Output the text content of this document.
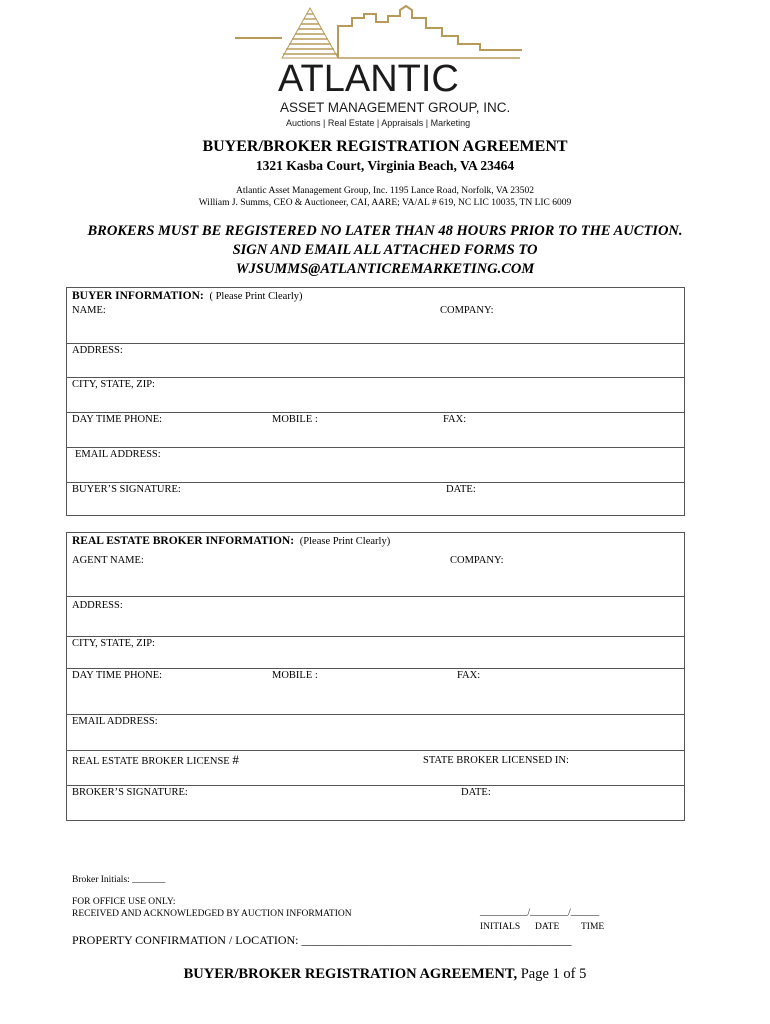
ATLANTIC
ASSET MANAGEMENT GROUP, INC.
Auctions | Real Estate | Appraisals | Marketing
BUYER/BROKER REGISTRATION AGREEMENT
1321 Kasba Court, Virginia Beach, VA 23464
Atlantic Asset Management Group, Inc. 1195 Lance Road, Norfolk, VA 23502
William J. Summs, CEO & Auctioneer, CAI, AARE; VA/AL # 619, NC LIC 10035, TN LIC 6009
BROKERS MUST BE REGISTERED NO LATER THAN 48 HOURS PRIOR TO THE AUCTION.
SIGN AND EMAIL ALL ATTACHED FORMS TO
WJSUMMS@ATLANTICREMARKETING.COM
BUYER INFORMATION: ( Please Print Clearly)
NAME:	COMPANY:
ADDRESS:
CITY, STATE, ZIP:
DAY TIME PHONE:	MOBILE :	FAX:
EMAIL ADDRESS:
BUYER’S SIGNATURE:	DATE:
REAL ESTATE BROKER INFORMATION: (Please Print Clearly)
AGENT NAME:	COMPANY:
ADDRESS:
CITY, STATE, ZIP:
DAY TIME PHONE:	MOBILE :	FAX:
EMAIL ADDRESS:
REAL ESTATE BROKER LICENSE #	STATE BROKER LICENSED IN:
BROKER’S SIGNATURE:	DATE:
Broker Initials: _______
FOR OFFICE USE ONLY:
RECEIVED AND ACKNOWLEDGED BY AUCTION INFORMATION	__________/________/______
INITIALS DATE TIME
PROPERTY CONFIRMATION / LOCATION: _____________________________________________
BUYER/BROKER REGISTRATION AGREEMENT, Page 1 of 5
